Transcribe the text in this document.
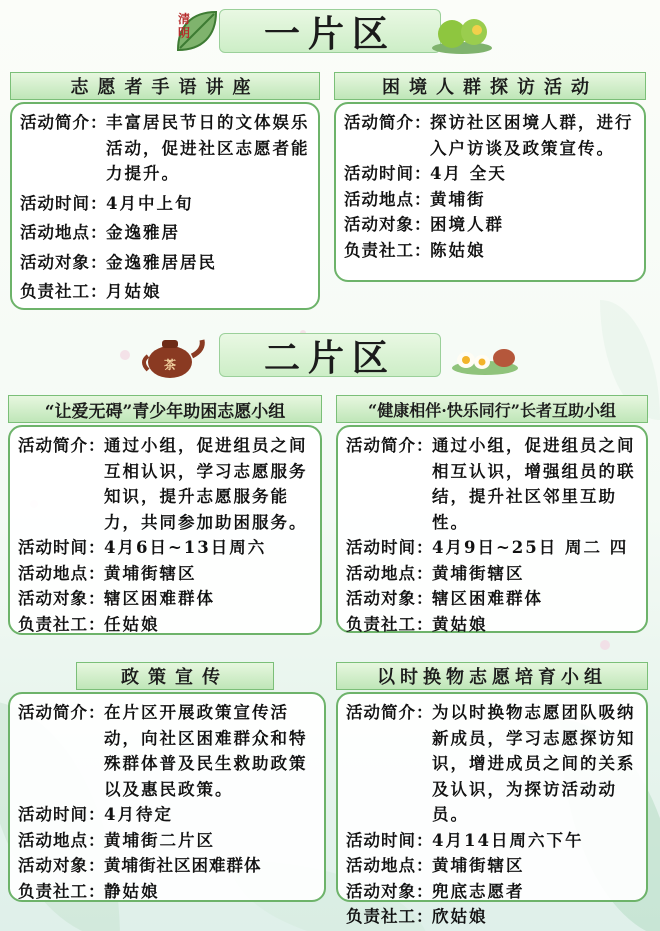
清明 一片区
志愿者手语讲座
活动简介 ： 丰富居民节日的文体娱乐活动，促进社区志愿者能力提升。
活动时间 ： 4月中上旬
活动地点 ： 金逸雅居
活动对象 ： 金逸雅居居民
负责社工 ： 月姑娘
困境人群探访活动
活动简介 ： 探访社区困境人群，进行入户访谈及政策宣传。
活动时间 ： 4月 全天
活动地点 ： 黄埔街
活动对象 ： 困境人群
负责社工 ： 陈姑娘
茶 二片区
“让爱无碍”青少年助困志愿小组
活动简介 ： 通过小组，促进组员之间互相认识，学习志愿服务知识，提升志愿服务能力，共同参加助困服务。
活动时间 ： 4月6日~13日周六
活动地点 ： 黄埔街辖区
活动对象 ： 辖区困难群体
负责社工 ： 任姑娘
“健康相伴·快乐同行”长者互助小组
活动简介 ： 通过小组，促进组员之间相互认识，增强组员的联结，提升社区邻里互助性。
活动时间 ： 4月9日~25日 周二 四
活动地点 ： 黄埔街辖区
活动对象 ： 辖区困难群体
负责社工 ： 黄姑娘
政策宣传
活动简介 ： 在片区开展政策宣传活动，向社区困难群众和特殊群体普及民生救助政策以及惠民政策。
活动时间 ： 4月待定
活动地点 ： 黄埔街二片区
活动对象 ： 黄埔街社区困难群体
负责社工 ： 静姑娘
以时换物志愿培育小组
活动简介 ： 为以时换物志愿团队吸纳新成员，学习志愿探访知识，增进成员之间的关系及认识，为探访活动动员。
活动时间 ： 4月14日周六下午
活动地点 ： 黄埔街辖区
活动对象 ： 兜底志愿者
负责社工 ： 欣姑娘
